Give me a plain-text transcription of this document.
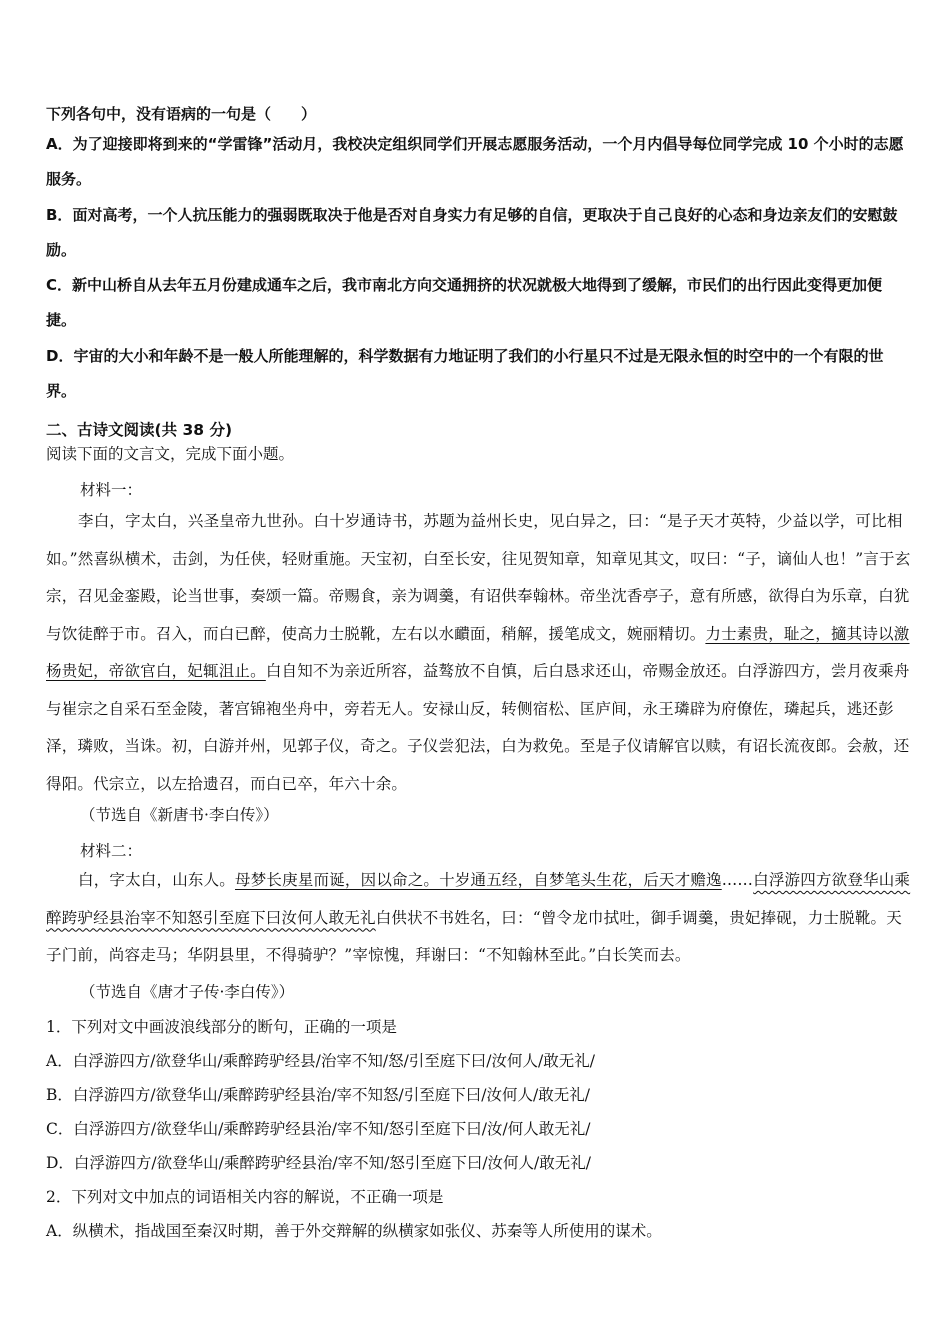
下列各句中，没有语病的一句是（　　）
A．为了迎接即将到来的“学雷锋”活动月，我校决定组织同学们开展志愿服务活动，一个月内倡导每位同学完成 10 个小时的志愿服务。
B．面对高考，一个人抗压能力的强弱既取决于他是否对自身实力有足够的自信，更取决于自己良好的心态和身边亲友们的安慰鼓励。
C．新中山桥自从去年五月份建成通车之后，我市南北方向交通拥挤的状况就极大地得到了缓解，市民们的出行因此变得更加便捷。
D．宇宙的大小和年龄不是一般人所能理解的，科学数据有力地证明了我们的小行星只不过是无限永恒的时空中的一个有限的世界。
二、古诗文阅读(共 38 分)
阅读下面的文言文，完成下面小题。
材料一：
李白，字太白，兴圣皇帝九世孙。白十岁通诗书，苏题为益州长史，见白异之，曰：“是子天才英特，少益以学，可比相如。”然喜纵横术，击剑，为任侠，轻财重施。天宝初，白至长安，往见贺知章，知章见其文，叹曰：“子，谪仙人也！”言于玄宗，召见金銮殿，论当世事，奏颂一篇。帝赐食，亲为调羹，有诏供奉翰林。帝坐沈香亭子，意有所感，欲得白为乐章，白犹与饮徒醉于市。召入，而白已醉，使高力士脱靴，左右以水靧面，稍解，援笔成文，婉丽精切。力士素贵，耻之，擿其诗以激杨贵妃，帝欲官白，妃辄沮止。白自知不为亲近所容，益骜放不自慎，后白恳求还山，帝赐金放还。白浮游四方，尝月夜乘舟与崔宗之自采石至金陵，著宫锦袍坐舟中，旁若无人。安禄山反，转侧宿松、匡庐间，永王璘辟为府僚佐，璘起兵，逃还彭泽，璘败，当诛。初，白游并州，见郭子仪，奇之。子仪尝犯法，白为救免。至是子仪请解官以赎，有诏长流夜郎。会赦，还得阳。代宗立，以左拾遗召，而白已卒，年六十余。
（节选自《新唐书·李白传》）
材料二：
白，字太白，山东人。母梦长庚星而诞，因以命之。十岁通五经，自梦笔头生花，后天才赡逸……白浮游四方欲登华山乘醉跨驴经县治宰不知怒引至庭下曰汝何人敢无礼白供状不书姓名，曰：“曾令龙巾拭吐，御手调羹，贵妃捧砚，力士脱靴。天子门前，尚容走马；华阴县里，不得骑驴？”宰惊愧，拜谢曰：“不知翰林至此。”白长笑而去。
（节选自《唐才子传·李白传》）
1．下列对文中画波浪线部分的断句，正确的一项是
A．白浮游四方/欲登华山/乘醉跨驴经县/治宰不知/怒/引至庭下曰/汝何人/敢无礼/
B．白浮游四方/欲登华山/乘醉跨驴经县治/宰不知怒/引至庭下曰/汝何人/敢无礼/
C．白浮游四方/欲登华山/乘醉跨驴经县治/宰不知/怒引至庭下曰/汝/何人敢无礼/
D．白浮游四方/欲登华山/乘醉跨驴经县治/宰不知/怒引至庭下曰/汝何人/敢无礼/
2．下列对文中加点的词语相关内容的解说，不正确一项是
A．纵横术，指战国至秦汉时期，善于外交辩解的纵横家如张仪、苏秦等人所使用的谋术。
